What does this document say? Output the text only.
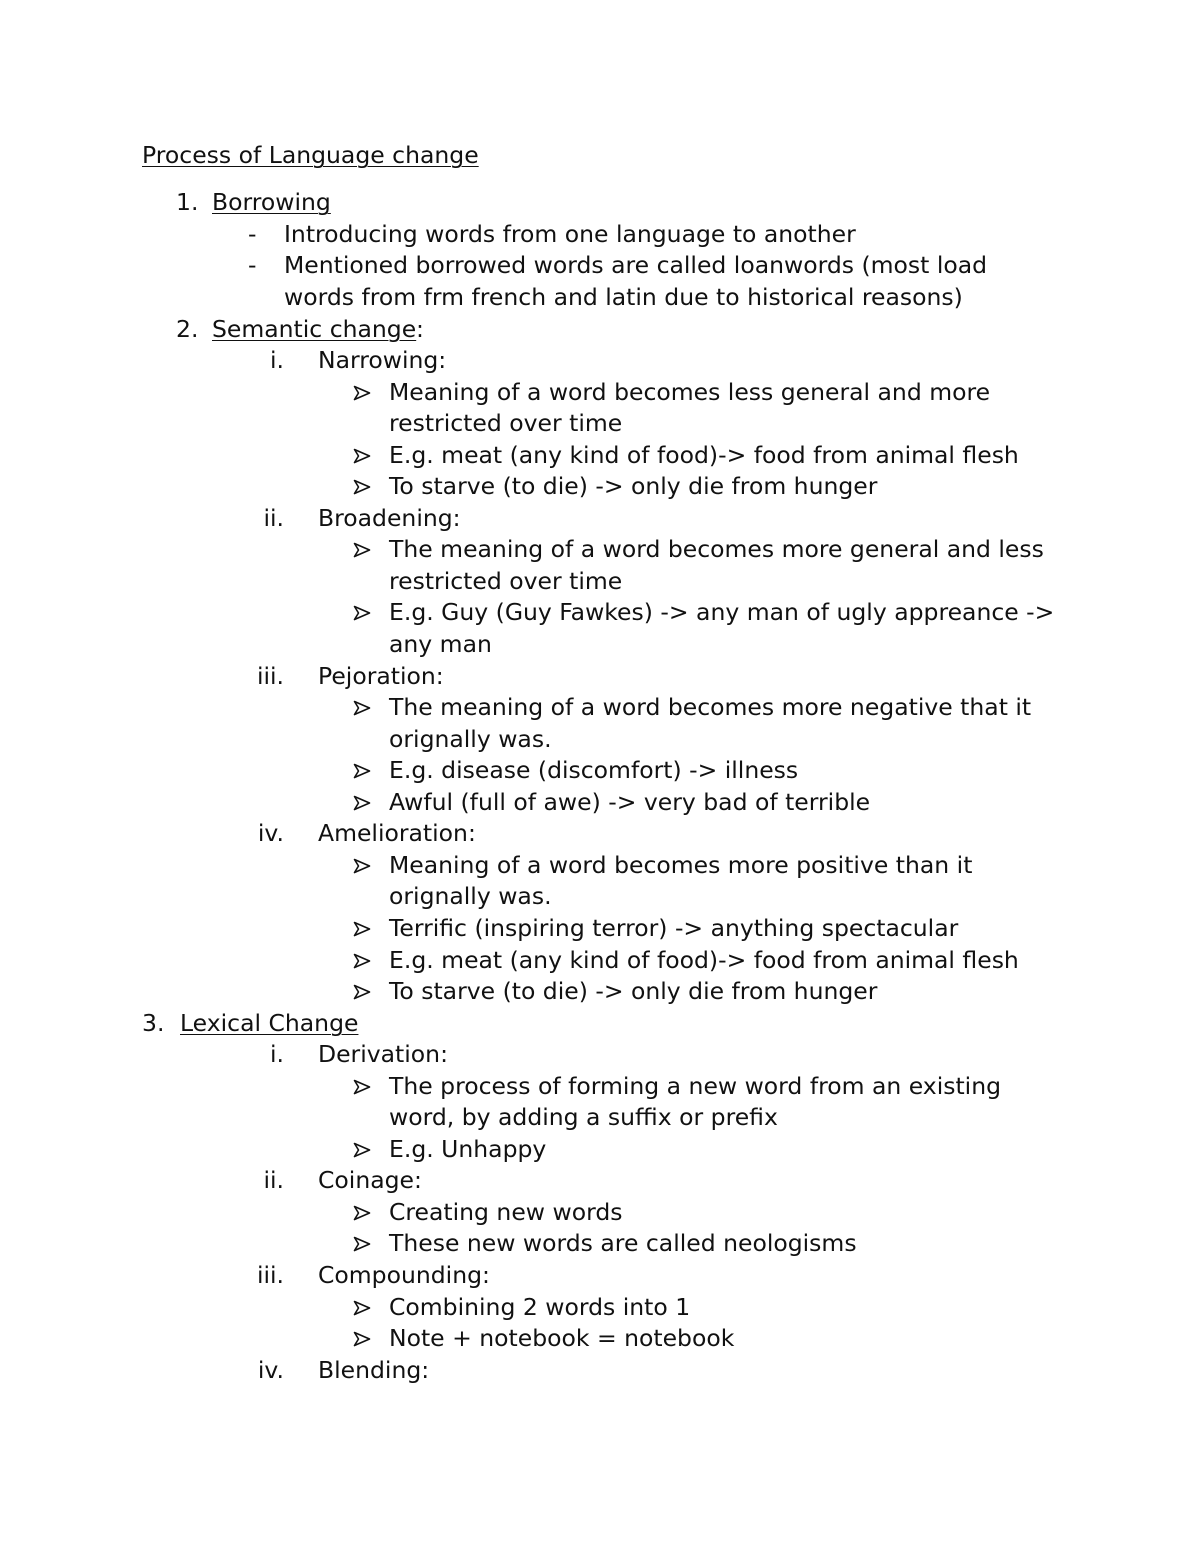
Process of Language change
1. Borrowing
- Introducing words from one language to another
- Mentioned borrowed words are called loanwords (most load
words from frm french and latin due to historical reasons)
2. Semantic change :
i. Narrowing:
Meaning of a word becomes less general and more
restricted over time
E.g. meat (any kind of food)-> food from animal flesh
To starve (to die) -> only die from hunger
ii. Broadening:
The meaning of a word becomes more general and less
restricted over time
E.g. Guy (Guy Fawkes) -> any man of ugly appreance ->
any man
iii. Pejoration:
The meaning of a word becomes more negative that it
orignally was.
E.g. disease (discomfort) -> illness
Awful (full of awe) -> very bad of terrible
iv. Amelioration:
Meaning of a word becomes more positive than it
orignally was.
Terrific (inspiring terror) -> anything spectacular
E.g. meat (any kind of food)-> food from animal flesh
To starve (to die) -> only die from hunger
3. Lexical Change
i. Derivation:
The process of forming a new word from an existing
word, by adding a suffix or prefix
E.g. Unhappy
ii. Coinage:
Creating new words
These new words are called neologisms
iii. Compounding:
Combining 2 words into 1
Note + notebook = notebook
iv. Blending:
